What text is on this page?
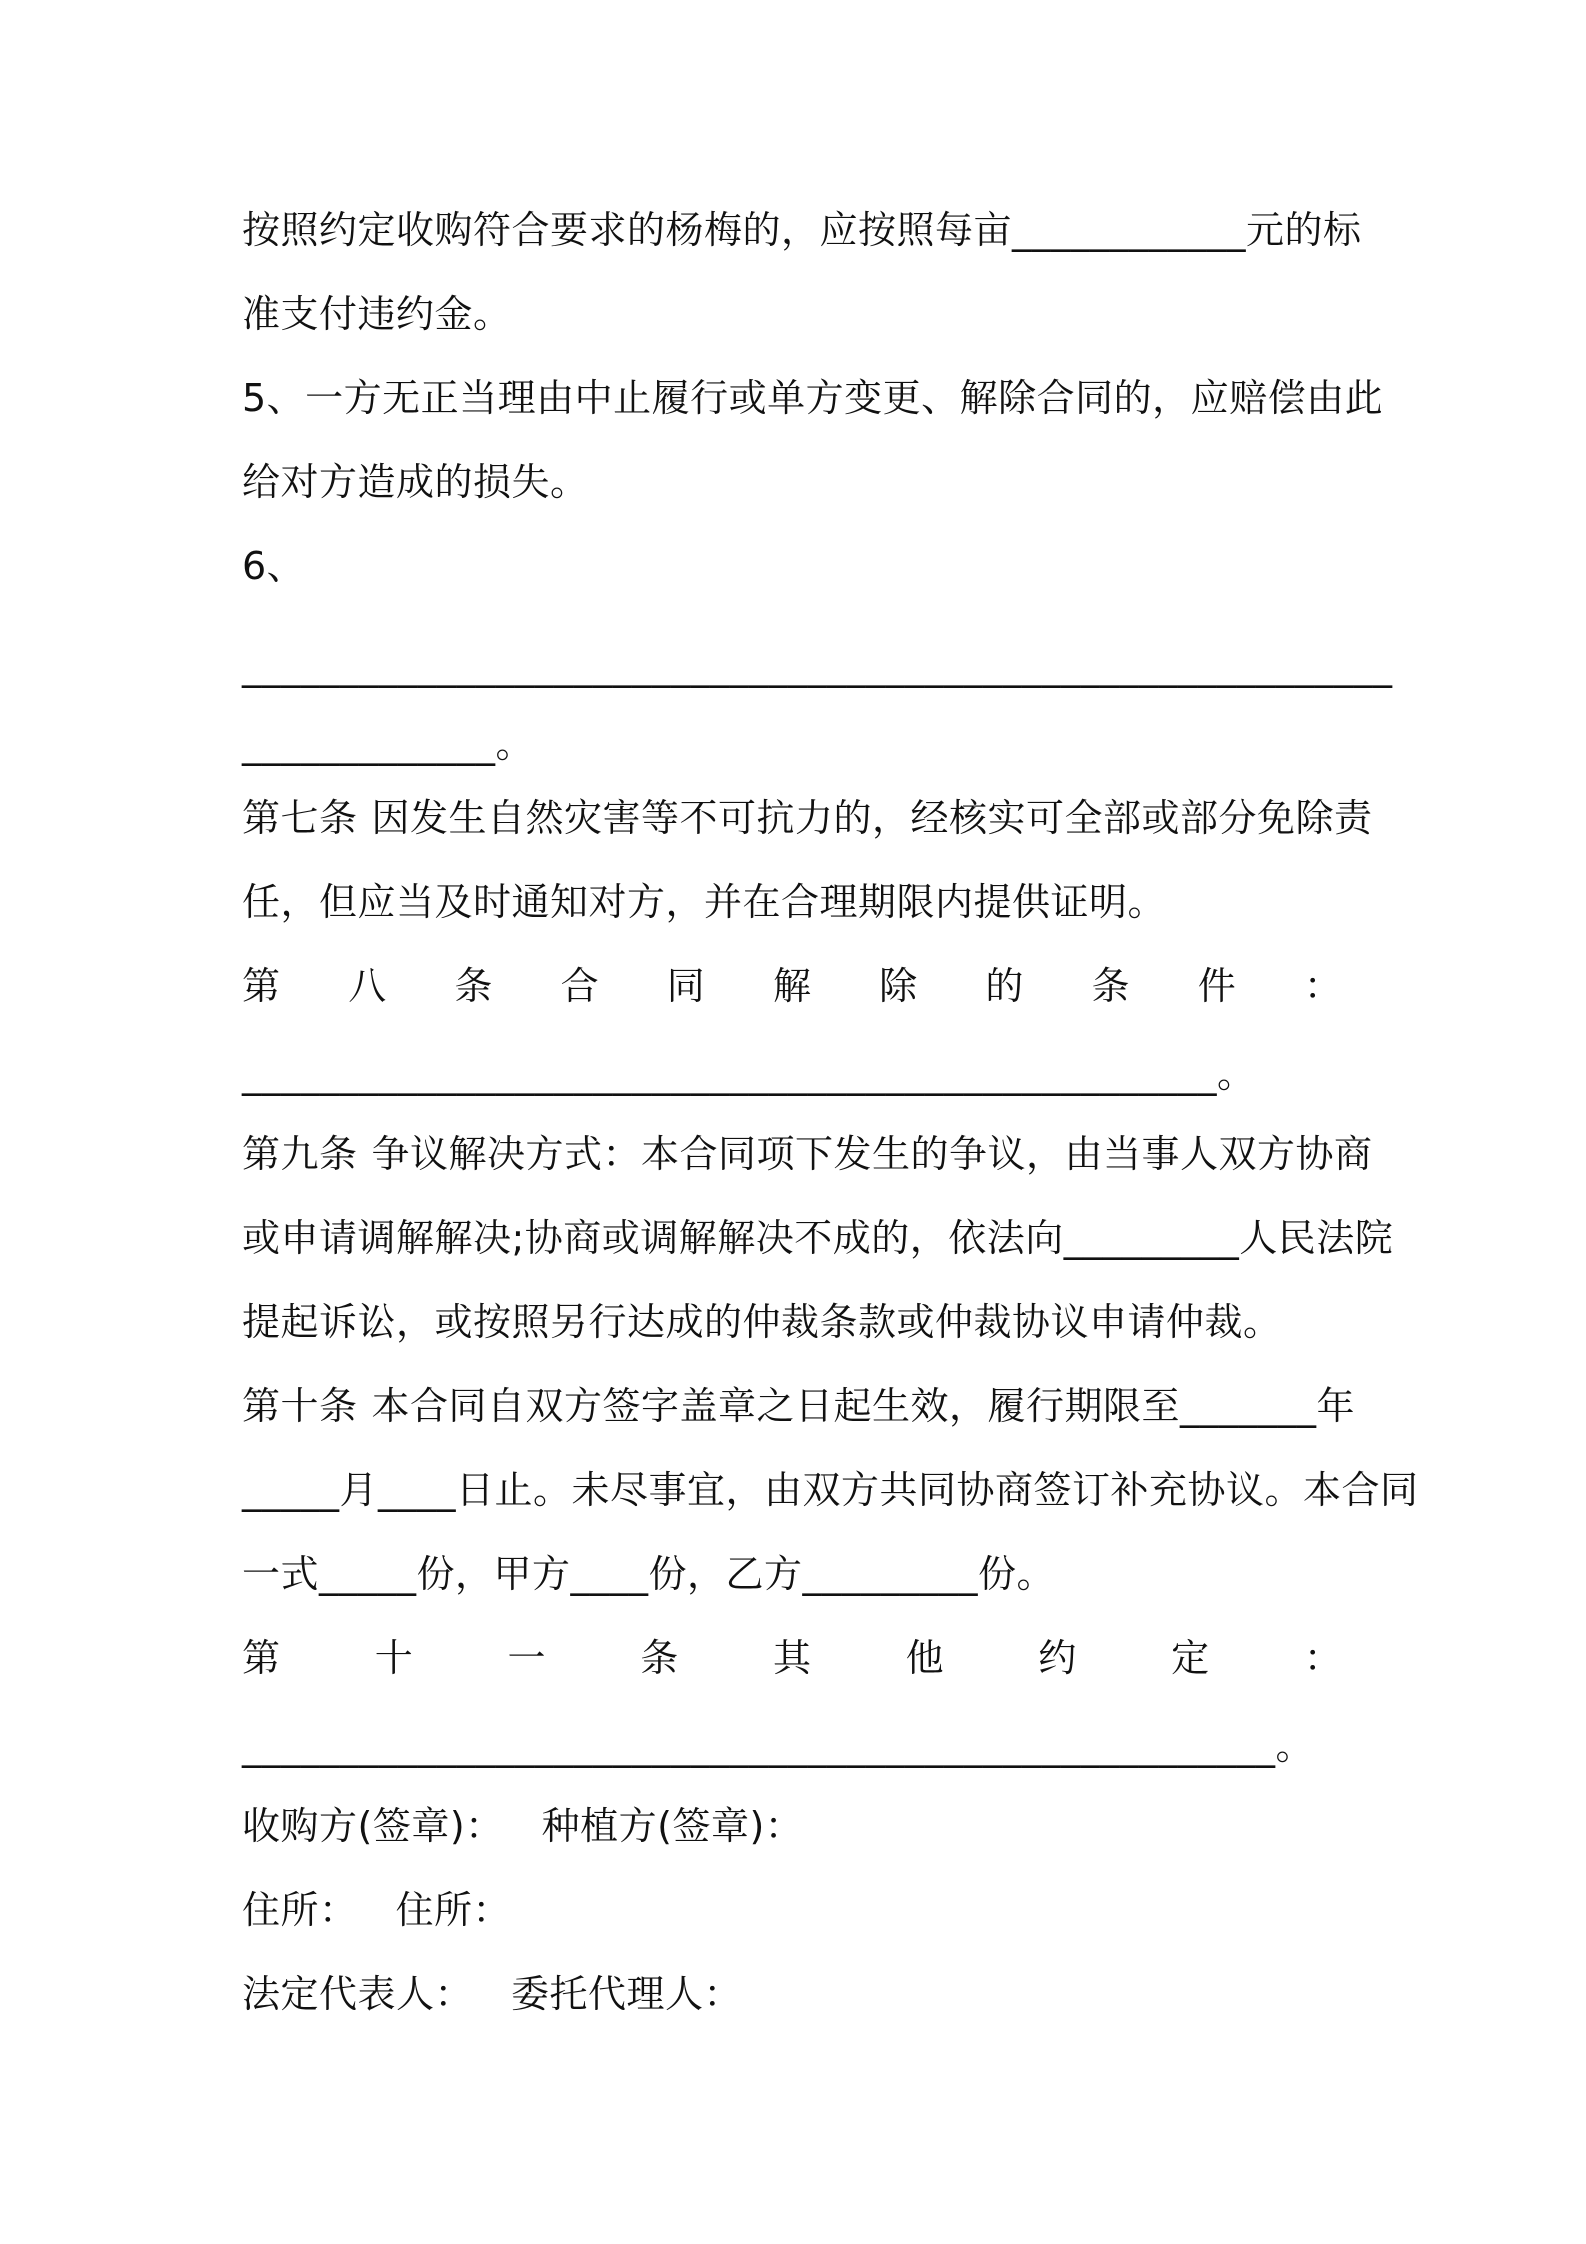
按照约定收购符合要求的杨梅的，应按照每亩____________元的标
准支付违约金。
5、一方无正当理由中止履行或单方变更、解除合同的，应赔偿由此
给对方造成的损失。
6、
___________________________________________________________
_____________。
第七条 因发生自然灾害等不可抗力的，经核实可全部或部分免除责
任，但应当及时通知对方，并在合理期限内提供证明。
第 八 条 合 同 解 除 的 条 件 ：
__________________________________________________。
第九条 争议解决方式：本合同项下发生的争议，由当事人双方协商
或申请调解解决;协商或调解解决不成的，依法向_________人民法院
提起诉讼，或按照另行达成的仲裁条款或仲裁协议申请仲裁。
第十条 本合同自双方签字盖章之日起生效，履行期限至_______年
_____月____日止。未尽事宜，由双方共同协商签订补充协议。本合同
一式_____份，甲方____份，乙方_________份。
第 十 一 条 其 他 约 定 ：
_____________________________________________________。
收购方(签章)： 种植方(签章)：
住所： 住所：
法定代表人： 委托代理人：
